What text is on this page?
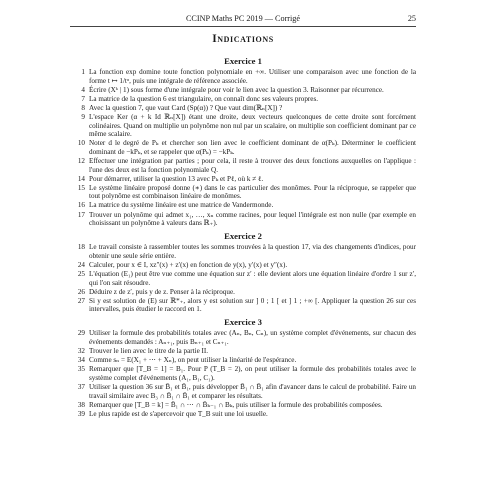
CCINP Maths PC 2019 — Corrigé	25
Indications
Exercice 1
1 La fonction exp domine toute fonction polynomiale en +∞. Utiliser une comparaison avec une fonction de la forme t ↦ 1/tᵅ, puis une intégrale de référence associée.
4 Écrire (Xᵏ | 1) sous forme d'une intégrale pour voir le lien avec la question 3. Raisonner par récurrence.
7 La matrice de la question 6 est triangulaire, on connaît donc ses valeurs propres.
8 Avec la question 7, que vaut Card (Sp(α)) ? Que vaut dim(ℝₙ[X]) ?
9 L'espace Ker (α + k Id ℝₙ[X]) étant une droite, deux vecteurs quelconques de cette droite sont forcément colinéaires. Quand on multiplie un polynôme non nul par un scalaire, on multiplie son coefficient dominant par ce même scalaire.
10 Noter d le degré de Pₖ et chercher son lien avec le coefficient dominant de α(Pₖ). Déterminer le coefficient dominant de −kPₖ, et se rappeler que α(Pₖ) = −kPₖ.
12 Effectuer une intégration par parties ; pour cela, il reste à trouver des deux fonctions auxquelles on l'applique : l'une des deux est la fonction polynomiale Q.
14 Pour démarrer, utiliser la question 13 avec Pₖ et Pℓ, où k ≠ ℓ.
15 Le système linéaire proposé donne (∗) dans le cas particulier des monômes. Pour la réciproque, se rappeler que tout polynôme est combinaison linéaire de monômes.
16 La matrice du système linéaire est une matrice de Vandermonde.
17 Trouver un polynôme qui admet x₁, …, xₙ comme racines, pour lequel l'intégrale est non nulle (par exemple en choisissant un polynôme à valeurs dans ℝ₊).
Exercice 2
18 Le travail consiste à rassembler toutes les sommes trouvées à la question 17, via des changements d'indices, pour obtenir une seule série entière.
24 Calculer, pour x ∈ I, xz″(x) + z′(x) en fonction de y(x), y′(x) et y″(x).
25 L'équation (E₁) peut être vue comme une équation sur z′ : elle devient alors une équation linéaire d'ordre 1 sur z′, qui l'on sait résoudre.
26 Déduire z de z′, puis y de z. Penser à la réciproque.
27 Si y est solution de (E) sur ℝ*₊, alors y est solution sur ] 0 ; 1 [ et ] 1 ; +∞ [. Appliquer la question 26 sur ces intervalles, puis étudier le raccord en 1.
Exercice 3
29 Utiliser la formule des probabilités totales avec (Aₙ, Bₙ, Cₙ), un système complet d'événements, sur chacun des événements demandés : Aₙ₊₁, puis Bₙ₊₁ et Cₙ₊₁.
32 Trouver le lien avec le titre de la partie II.
34 Comme sₙ = E(X₁ + ⋯ + Xₙ), on peut utiliser la linéarité de l'espérance.
35 Remarquer que [T_B = 1] = B₁. Pour P (T_B = 2), on peut utiliser la formule des probabilités totales avec le système complet d'événements (A₁, B₁, C₁).
37 Utiliser la question 36 sur B̄₁ et B̄₁, puis développer B̄₁ ∩ B̄₁ afin d'avancer dans le calcul de probabilité. Faire un travail similaire avec B₃ ∩ B̄₁ ∩ B̄₁ et comparer les résultats.
38 Remarquer que [T_B = k] = B̄₁ ∩ ⋯ ∩ B̄ₖ₋₁ ∩ Bₖ, puis utiliser la formule des probabilités composées.
39 Le plus rapide est de s'apercevoir que T_B suit une loi usuelle.
